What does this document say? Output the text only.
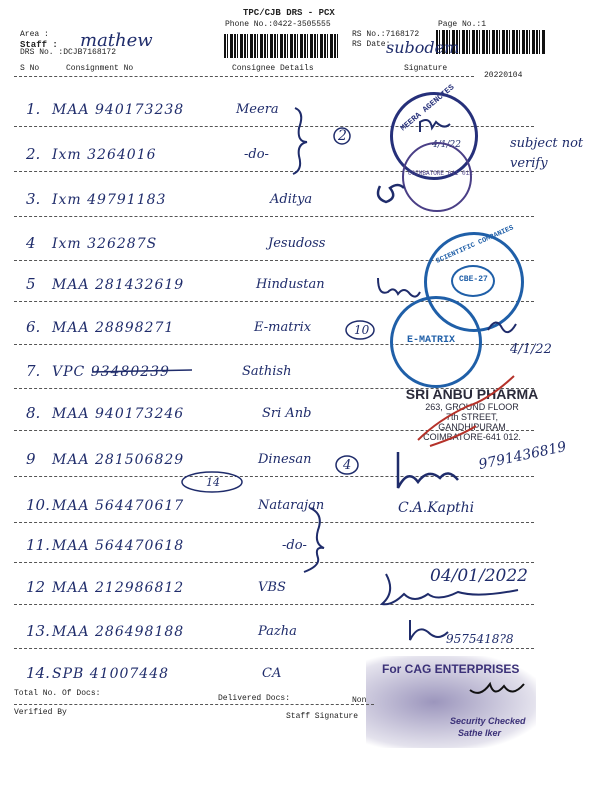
TPC/CJB DRS - PCX
Phone No.:0422-3505555	Page No.:1
Area :
Staff : mathew
DRS No. :DCJB7168172
RS No.:7168172
RS Date:
subodem
S No	Consignment No	Consignee Details	Signature
20220104
1. MAA 940173238	Meera
2. Ixm 3264016	-do-
3. Ixm 49791183	Aditya
4 Ixm 326287S	Jesudoss
5 MAA 281432619	Hindustan
6. MAA 28898271	E-matrix
7. VPC 93480239	Sathish
8. MAA 940173246	Sri Anb
9 MAA 281506829	Dinesan
10. MAA 564470617	Natarajan
11. MAA 564470618	-do-
12 MAA 212986812	VBS
13. MAA 286498188	Pazha
14. SPB 41007448	CA
2	subject not verify
4/1/22
10
4/1/22
14
4	9791436819
C.A.Kapthi
04/01/2022
9575418?8
MEERA AGENCIES
COIMBATORE 641 012
SCIENTIFIC COMPANIES
CBE-27
E-MATRIX
SRI ANBU PHARMA
263, GROUND FLOOR
7th STREET,
GANDHIPURAM
COIMBATORE-641 012.
For CAG ENTERPRISES
Security Checked
Sathe Iker
Total No. Of Docs:
Delivered Docs:	Non
Verified By	Staff Signature
